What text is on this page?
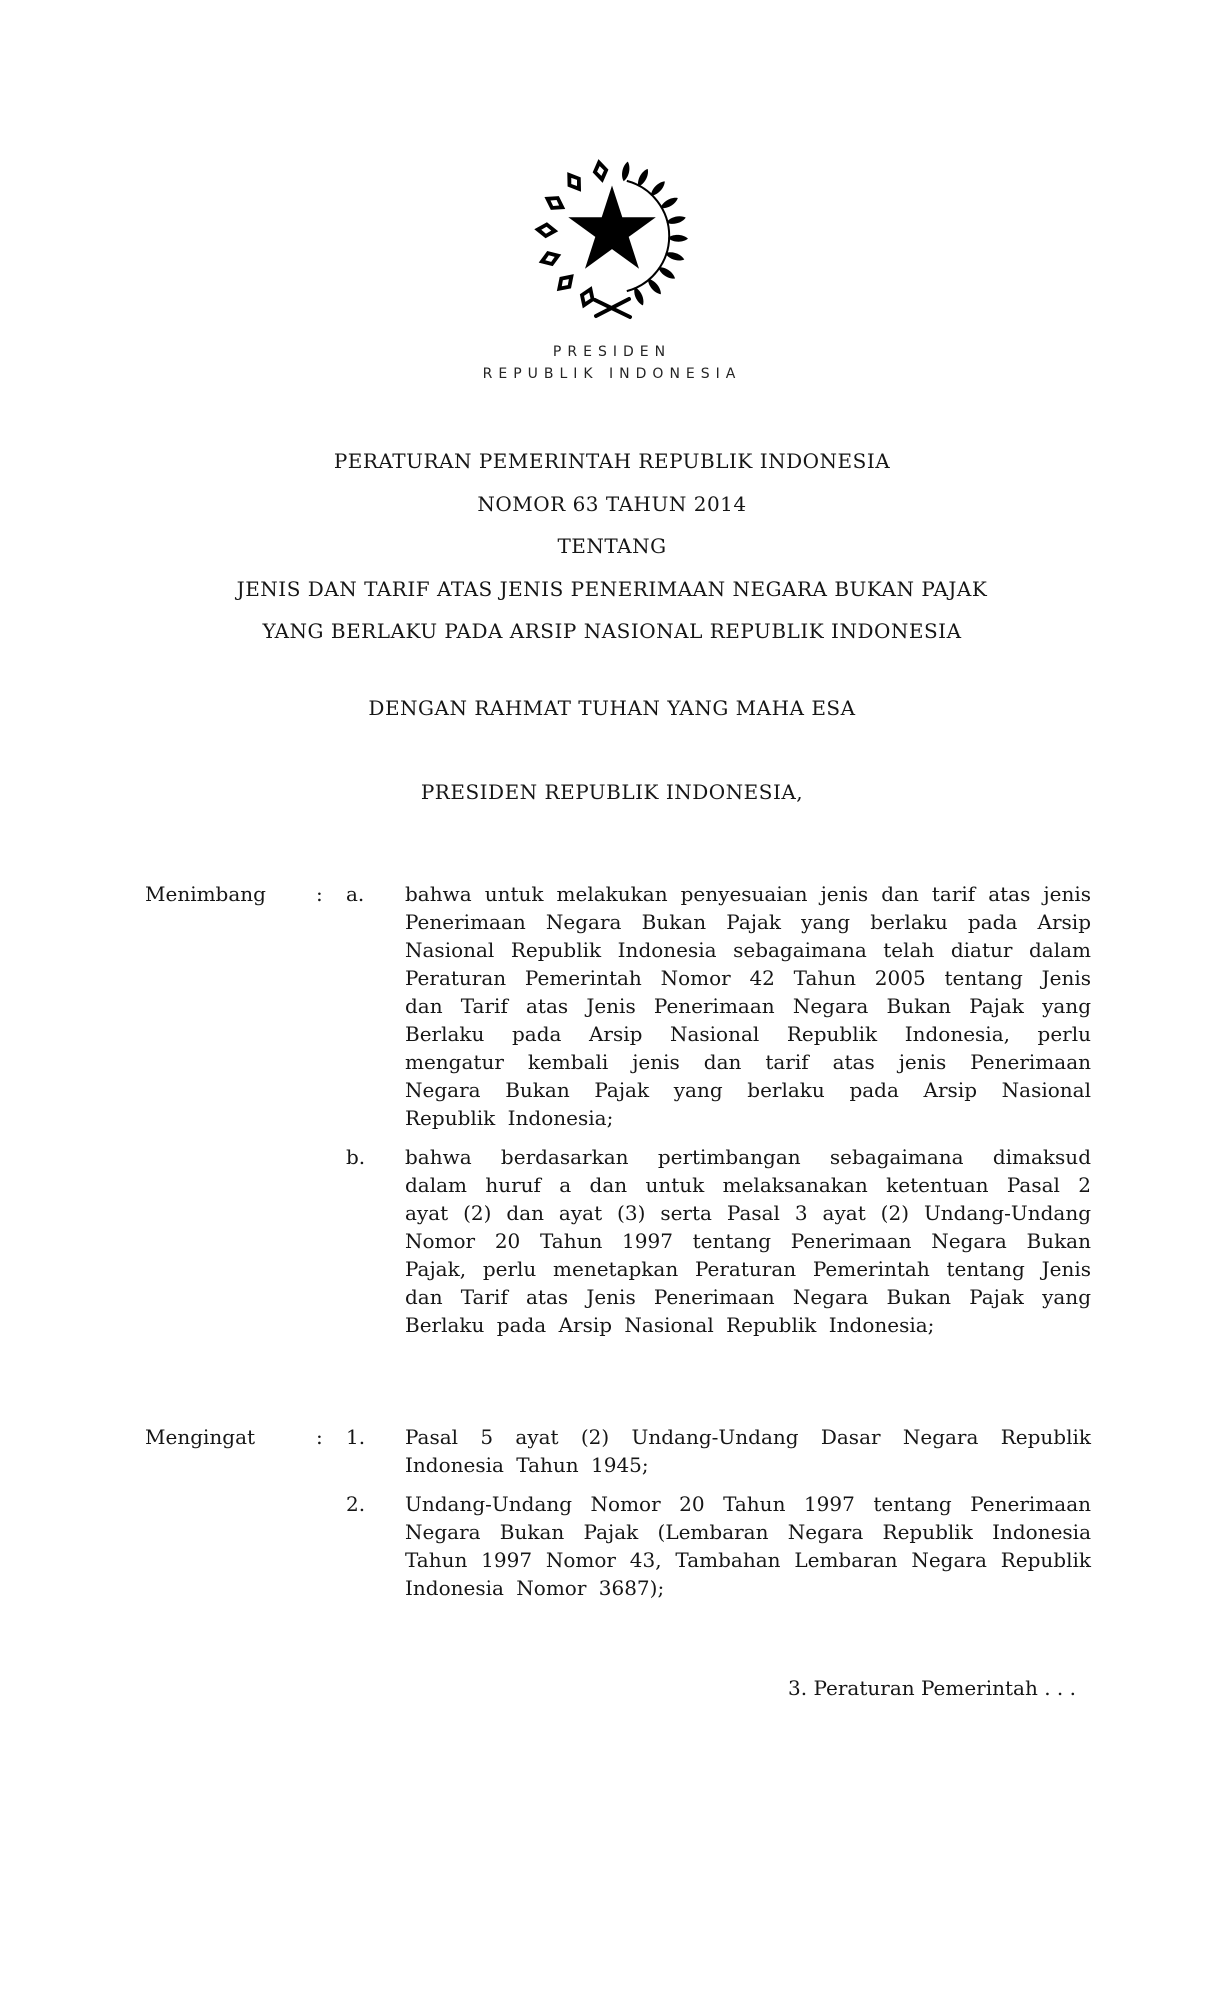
PRESIDEN
REPUBLIK INDONESIA
PERATURAN PEMERINTAH REPUBLIK INDONESIA
NOMOR 63 TAHUN 2014
TENTANG
JENIS DAN TARIF ATAS JENIS PENERIMAAN NEGARA BUKAN PAJAK
YANG BERLAKU PADA ARSIP NASIONAL REPUBLIK INDONESIA
DENGAN RAHMAT TUHAN YANG MAHA ESA
PRESIDEN REPUBLIK INDONESIA,
Menimbang	:	a.	bahwa untuk melakukan penyesuaian jenis dan tarif atas jenis Penerimaan Negara Bukan Pajak yang berlaku pada Arsip Nasional Republik Indonesia sebagaimana telah diatur dalam Peraturan Pemerintah Nomor 42 Tahun 2005 tentang Jenis dan Tarif atas Jenis Penerimaan Negara Bukan Pajak yang Berlaku pada Arsip Nasional Republik Indonesia, perlu mengatur kembali jenis dan tarif atas jenis Penerimaan Negara Bukan Pajak yang berlaku pada Arsip Nasional Republik Indonesia;
b.	bahwa berdasarkan pertimbangan sebagaimana dimaksud dalam huruf a dan untuk melaksanakan ketentuan Pasal 2 ayat (2) dan ayat (3) serta Pasal 3 ayat (2) Undang-Undang Nomor 20 Tahun 1997 tentang Penerimaan Negara Bukan Pajak, perlu menetapkan Peraturan Pemerintah tentang Jenis dan Tarif atas Jenis Penerimaan Negara Bukan Pajak yang Berlaku pada Arsip Nasional Republik Indonesia;
Mengingat	:	1.	Pasal 5 ayat (2) Undang-Undang Dasar Negara Republik Indonesia Tahun 1945;
2.	Undang-Undang Nomor 20 Tahun 1997 tentang Penerimaan Negara Bukan Pajak (Lembaran Negara Republik Indonesia Tahun 1997 Nomor 43, Tambahan Lembaran Negara Republik Indonesia Nomor 3687);
3. Peraturan Pemerintah . . .
